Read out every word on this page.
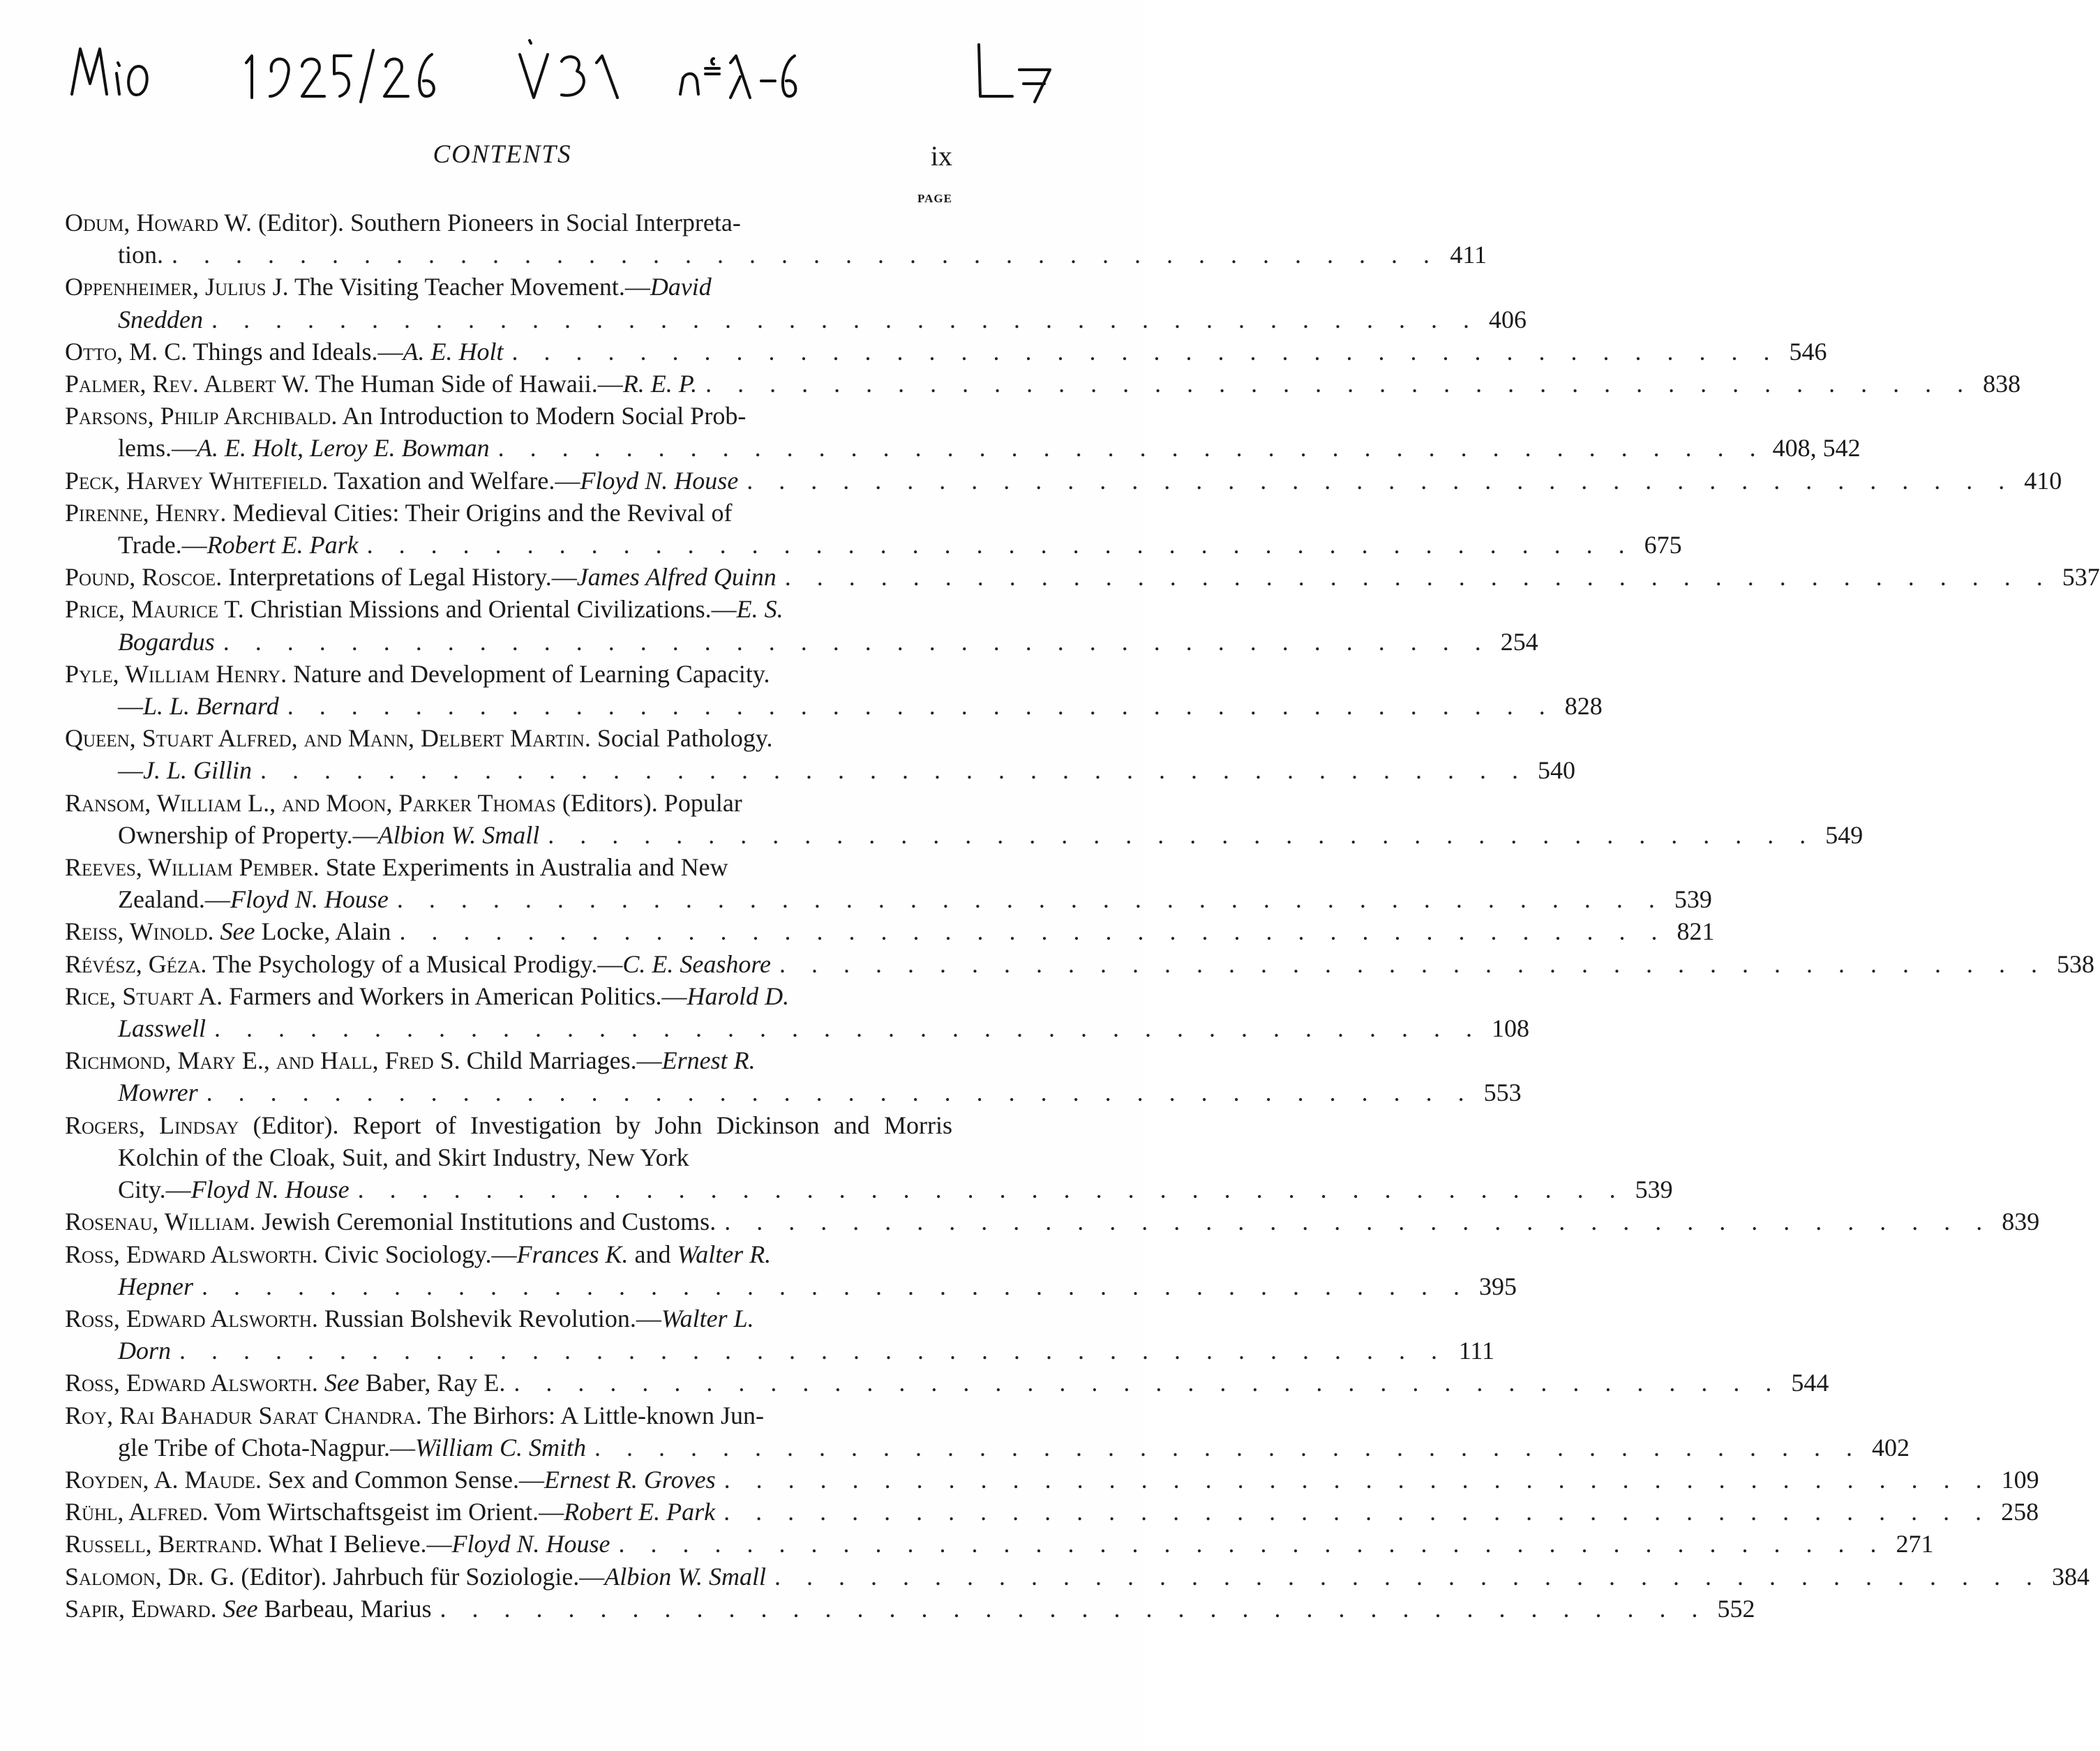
CONTENTS	ix
PAGE
Odum, Howard W. (Editor). Southern Pioneers in Social Interpreta-
tion. . . . . . . . . . . . . . . . . . . . . . . . . . . . . . . . . . . . . . . . . 411
Oppenheimer, Julius J. The Visiting Teacher Movement.—David
Snedden . . . . . . . . . . . . . . . . . . . . . . . . . . . . . . . . . . . . . . . . 406
Otto, M. C. Things and Ideals.—A. E. Holt . . . . . . . . . . . . . . . . . . . . . . . . . . . . . . . . . . . . . . . . 546
Palmer, Rev. Albert W. The Human Side of Hawaii.—R. E. P. . . . . . . . . . . . . . . . . . . . . . . . . . . . . . . . . . . . . . . . . 838
Parsons, Philip Archibald. An Introduction to Modern Social Prob-
lems.—A. E. Holt, Leroy E. Bowman . . . . . . . . . . . . . . . . . . . . . . . . . . . . . . . . . . . . . . . . 408, 542
Peck, Harvey Whitefield. Taxation and Welfare.—Floyd N. House . . . . . . . . . . . . . . . . . . . . . . . . . . . . . . . . . . . . . . . . 410
Pirenne, Henry. Medieval Cities: Their Origins and the Revival of
Trade.—Robert E. Park . . . . . . . . . . . . . . . . . . . . . . . . . . . . . . . . . . . . . . . . 675
Pound, Roscoe. Interpretations of Legal History.—James Alfred Quinn . . . . . . . . . . . . . . . . . . . . . . . . . . . . . . . . . . . . . . . . 537
Price, Maurice T. Christian Missions and Oriental Civilizations.—E. S.
Bogardus . . . . . . . . . . . . . . . . . . . . . . . . . . . . . . . . . . . . . . . . 254
Pyle, William Henry. Nature and Development of Learning Capacity.
—L. L. Bernard . . . . . . . . . . . . . . . . . . . . . . . . . . . . . . . . . . . . . . . . 828
Queen, Stuart Alfred, and Mann, Delbert Martin. Social Pathology.
—J. L. Gillin . . . . . . . . . . . . . . . . . . . . . . . . . . . . . . . . . . . . . . . . 540
Ransom, William L., and Moon, Parker Thomas (Editors). Popular
Ownership of Property.—Albion W. Small . . . . . . . . . . . . . . . . . . . . . . . . . . . . . . . . . . . . . . . . 549
Reeves, William Pember. State Experiments in Australia and New
Zealand.—Floyd N. House . . . . . . . . . . . . . . . . . . . . . . . . . . . . . . . . . . . . . . . . 539
Reiss, Winold. See Locke, Alain . . . . . . . . . . . . . . . . . . . . . . . . . . . . . . . . . . . . . . . . 821
Révész, Géza. The Psychology of a Musical Prodigy.—C. E. Seashore . . . . . . . . . . . . . . . . . . . . . . . . . . . . . . . . . . . . . . . . 538
Rice, Stuart A. Farmers and Workers in American Politics.—Harold D.
Lasswell . . . . . . . . . . . . . . . . . . . . . . . . . . . . . . . . . . . . . . . . 108
Richmond, Mary E., and Hall, Fred S. Child Marriages.—Ernest R.
Mowrer . . . . . . . . . . . . . . . . . . . . . . . . . . . . . . . . . . . . . . . . 553
Rogers, Lindsay (Editor). Report of Investigation by John Dickinson and Morris Kolchin of the Cloak, Suit, and Skirt Industry, New York
City.—Floyd N. House . . . . . . . . . . . . . . . . . . . . . . . . . . . . . . . . . . . . . . . . 539
Rosenau, William. Jewish Ceremonial Institutions and Customs. . . . . . . . . . . . . . . . . . . . . . . . . . . . . . . . . . . . . . . . . 839
Ross, Edward Alsworth. Civic Sociology.—Frances K. and Walter R.
Hepner . . . . . . . . . . . . . . . . . . . . . . . . . . . . . . . . . . . . . . . . 395
Ross, Edward Alsworth. Russian Bolshevik Revolution.—Walter L.
Dorn . . . . . . . . . . . . . . . . . . . . . . . . . . . . . . . . . . . . . . . . 111
Ross, Edward Alsworth. See Baber, Ray E. . . . . . . . . . . . . . . . . . . . . . . . . . . . . . . . . . . . . . . . . 544
Roy, Rai Bahadur Sarat Chandra. The Birhors: A Little-known Jun-
gle Tribe of Chota-Nagpur.—William C. Smith . . . . . . . . . . . . . . . . . . . . . . . . . . . . . . . . . . . . . . . . 402
Royden, A. Maude. Sex and Common Sense.—Ernest R. Groves . . . . . . . . . . . . . . . . . . . . . . . . . . . . . . . . . . . . . . . . 109
Rühl, Alfred. Vom Wirtschaftsgeist im Orient.—Robert E. Park . . . . . . . . . . . . . . . . . . . . . . . . . . . . . . . . . . . . . . . . 258
Russell, Bertrand. What I Believe.—Floyd N. House . . . . . . . . . . . . . . . . . . . . . . . . . . . . . . . . . . . . . . . . 271
Salomon, Dr. G. (Editor). Jahrbuch für Soziologie.—Albion W. Small . . . . . . . . . . . . . . . . . . . . . . . . . . . . . . . . . . . . . . . . 384
Sapir, Edward. See Barbeau, Marius . . . . . . . . . . . . . . . . . . . . . . . . . . . . . . . . . . . . . . . . 552
